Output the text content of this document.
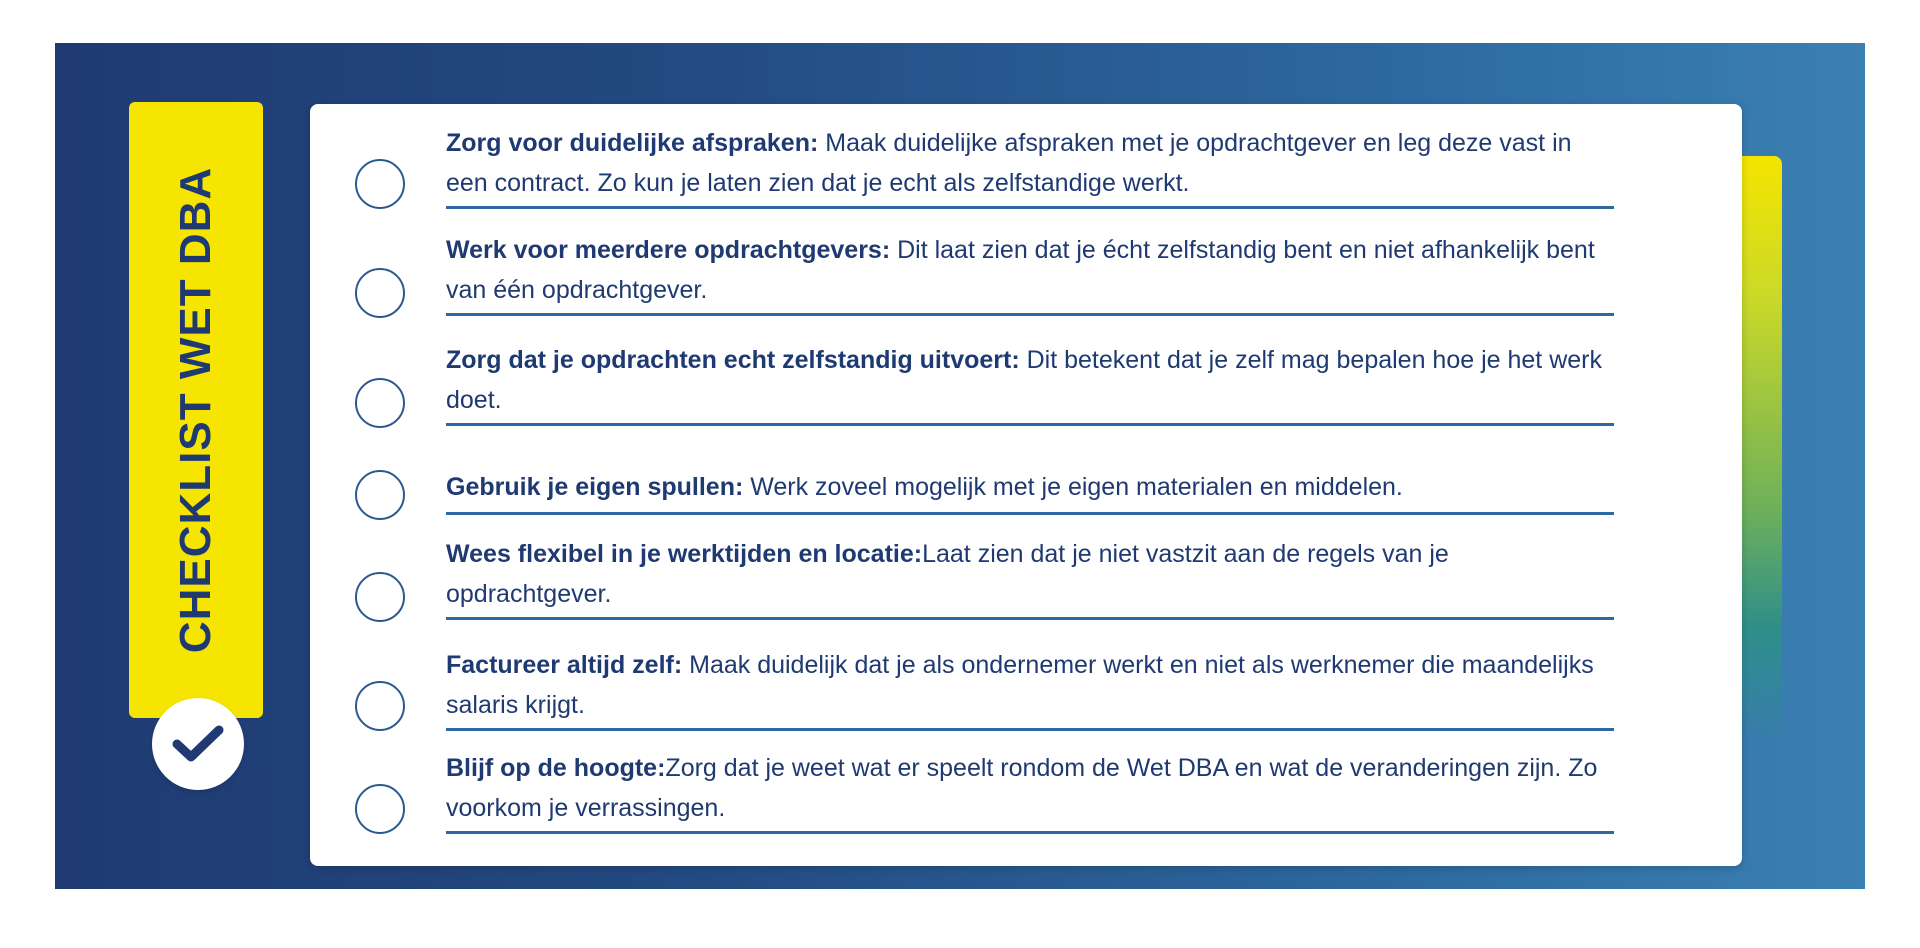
CHECKLIST WET DBA
Zorg voor duidelijke afspraken: Maak duidelijke afspraken met je opdrachtgever en leg deze vast in een contract. Zo kun je laten zien dat je echt als zelfstandige werkt.
Werk voor meerdere opdrachtgevers: Dit laat zien dat je écht zelfstandig bent en niet afhankelijk bent van één opdrachtgever.
Zorg dat je opdrachten echt zelfstandig uitvoert: Dit betekent dat je zelf mag bepalen hoe je het werk doet.
Gebruik je eigen spullen: Werk zoveel mogelijk met je eigen materialen en middelen.
Wees flexibel in je werktijden en locatie:Laat zien dat je niet vastzit aan de regels van je opdrachtgever.
Factureer altijd zelf: Maak duidelijk dat je als ondernemer werkt en niet als werknemer die maandelijks salaris krijgt.
Blijf op de hoogte:Zorg dat je weet wat er speelt rondom de Wet DBA en wat de veranderingen zijn. Zo voorkom je verrassingen.
